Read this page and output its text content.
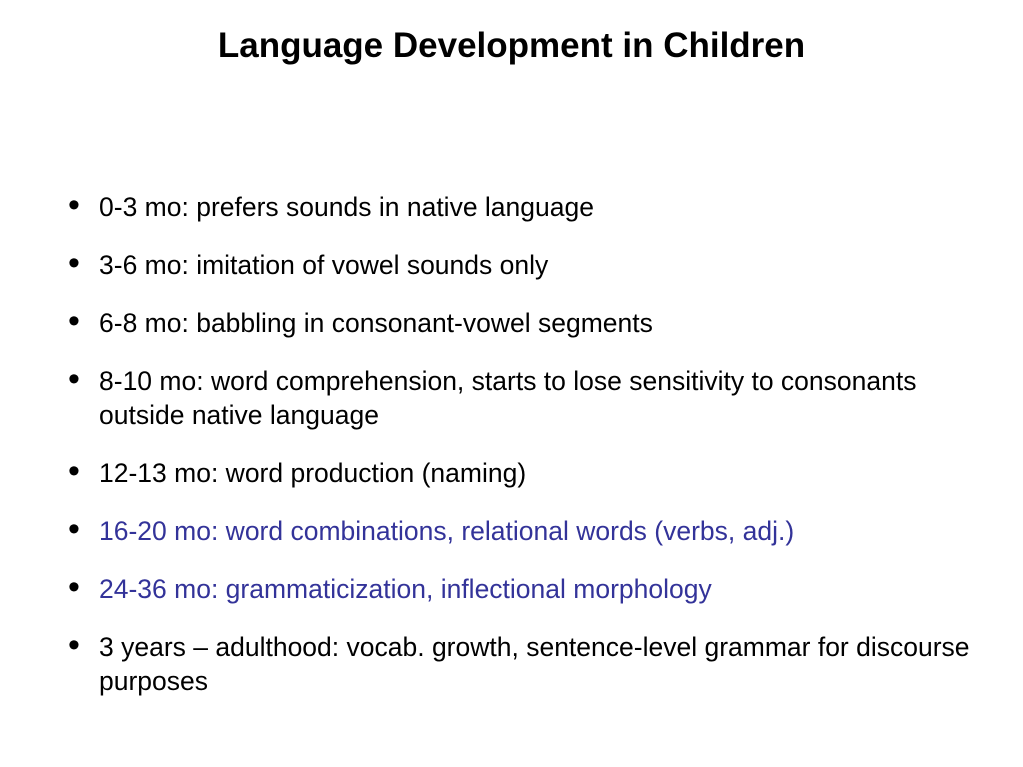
Language Development in Children
• 0-3 mo: prefers sounds in native language
• 3-6 mo: imitation of vowel sounds only
• 6-8 mo: babbling in consonant-vowel segments
• 8-10 mo: word comprehension, starts to lose sensitivity to consonants outside native language
• 12-13 mo: word production (naming)
• 16-20 mo: word combinations, relational words (verbs, adj.)
• 24-36 mo: grammaticization, inflectional morphology
• 3 years – adulthood: vocab. growth, sentence-level grammar for discourse purposes
